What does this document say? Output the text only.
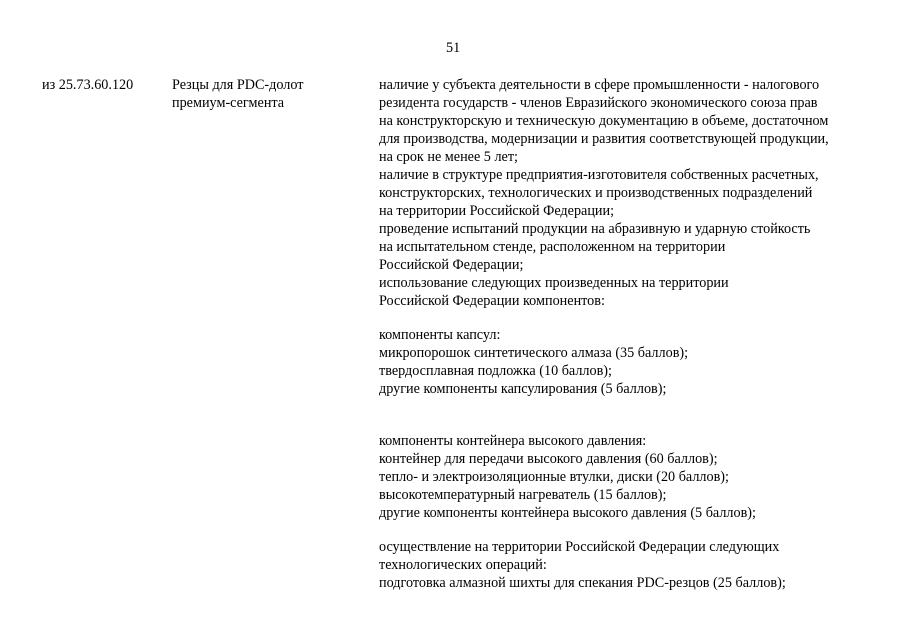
51
из 25.73.60.120	Резцы для PDC-долот
премиум-сегмента
наличие у субъекта деятельности в сфере промышленности - налогового
резидента государств - членов Евразийского экономического союза прав
на конструкторскую и техническую документацию в объеме, достаточном
для производства, модернизации и развития соответствующей продукции,
на срок не менее 5 лет;
наличие в структуре предприятия-изготовителя собственных расчетных,
конструкторских, технологических и производственных подразделений
на территории Российской Федерации;
проведение испытаний продукции на абразивную и ударную стойкость
на испытательном стенде, расположенном на территории
Российской Федерации;
использование следующих произведенных на территории
Российской Федерации компонентов:
компоненты капсул:
микропорошок синтетического алмаза (35 баллов);
твердосплавная подложка (10 баллов);
другие компоненты капсулирования (5 баллов);
компоненты контейнера высокого давления:
контейнер для передачи высокого давления (60 баллов);
тепло- и электроизоляционные втулки, диски (20 баллов);
высокотемпературный нагреватель (15 баллов);
другие компоненты контейнера высокого давления (5 баллов);
осуществление на территории Российской Федерации следующих
технологических операций:
подготовка алмазной шихты для спекания PDC-резцов (25 баллов);
